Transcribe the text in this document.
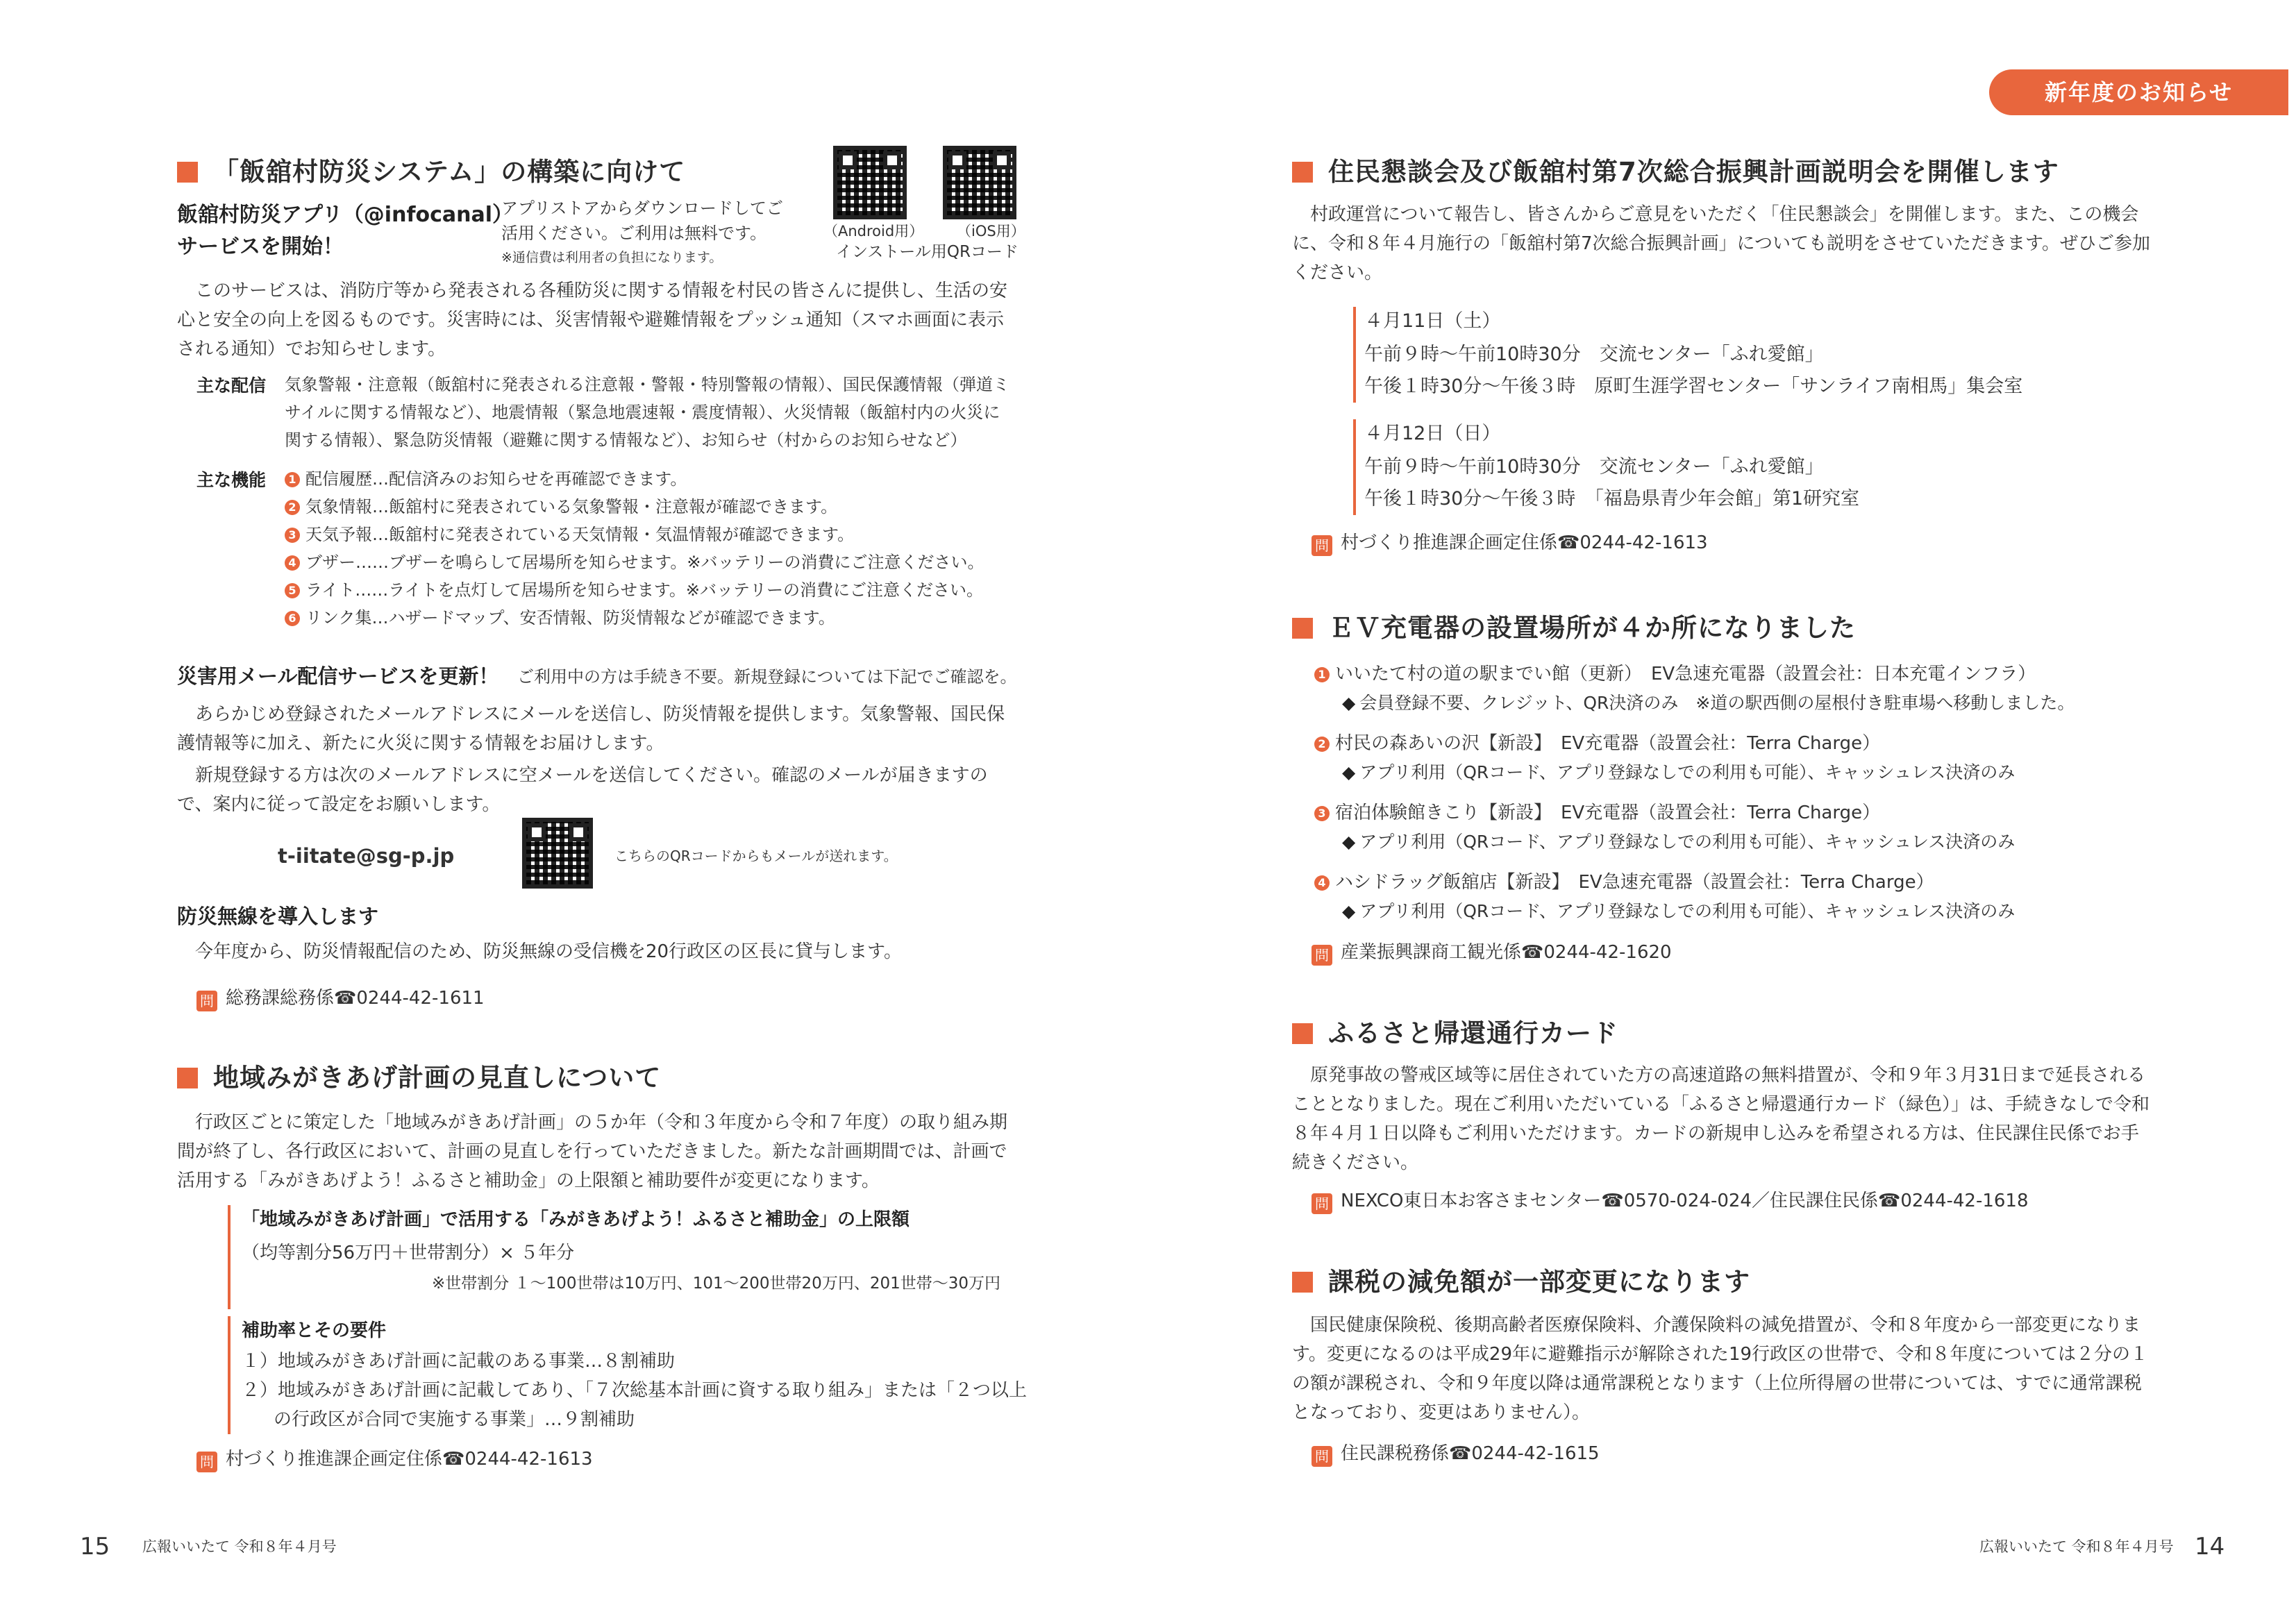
「飯舘村防災システム」の構築に向けて
飯舘村防災アプリ（@infocanal）
サービスを開始！
アプリストアからダウンロードしてご
活用ください。ご利用は無料です。
※通信費は利用者の負担になります。
（Android用） （iOS用）
インストール用QRコード
このサービスは、消防庁等から発表される各種防災に関する情報を村民の皆さんに提供し、生活の安心と安全の向上を図るものです。災害時には、災害情報や避難情報をプッシュ通知（スマホ画面に表示される通知）でお知らせします。
主な配信 気象警報・注意報（飯舘村に発表される注意報・警報・特別警報の情報）、国民保護情報（弾道ミサイルに関する情報など）、地震情報（緊急地震速報・震度情報）、火災情報（飯舘村内の火災に関する情報）、緊急防災情報（避難に関する情報など）、お知らせ（村からのお知らせなど）
主な機能	1 配信履歴…配信済みのお知らせを再確認できます。
2 気象情報…飯舘村に発表されている気象警報・注意報が確認できます。
3 天気予報…飯舘村に発表されている天気情報・気温情報が確認できます。
4 ブザー……ブザーを鳴らして居場所を知らせます。※バッテリーの消費にご注意ください。
5 ライト……ライトを点灯して居場所を知らせます。※バッテリーの消費にご注意ください。
6 リンク集…ハザードマップ、安否情報、防災情報などが確認できます。
災害用メール配信サービスを更新！ ご利用中の方は手続き不要。新規登録については下記でご確認を。
あらかじめ登録されたメールアドレスにメールを送信し、防災情報を提供します。気象警報、国民保護情報等に加え、新たに火災に関する情報をお届けします。
新規登録する方は次のメールアドレスに空メールを送信してください。確認のメールが届きますので、案内に従って設定をお願いします。
t-iitate@sg-p.jp	こちらのQRコードからもメールが送れます。
防災無線を導入します
今年度から、防災情報配信のため、防災無線の受信機を20行政区の区長に貸与します。
問 総務課総務係☎0244-42-1611
地域みがきあげ計画の見直しについて
行政区ごとに策定した「地域みがきあげ計画」の５か年（令和３年度から令和７年度）の取り組み期間が終了し、各行政区において、計画の見直しを行っていただきました。新たな計画期間では、計画で活用する「みがきあげよう！ふるさと補助金」の上限額と補助要件が変更になります。
「地域みがきあげ計画」で活用する「みがきあげよう！ふるさと補助金」の上限額
（均等割分56万円＋世帯割分）× ５年分
※世帯割分 １〜100世帯は10万円、101〜200世帯20万円、201世帯〜30万円
補助率とその要件
１）地域みがきあげ計画に記載のある事業…８割補助
２）地域みがきあげ計画に記載してあり、「７次総基本計画に資する取り組み」または「２つ以上の行政区が合同で実施する事業」…９割補助
問 村づくり推進課企画定住係☎0244-42-1613
15 広報いいたて 令和８年４月号
新年度のお知らせ
住民懇談会及び飯舘村第7次総合振興計画説明会を開催します
村政運営について報告し、皆さんからご意見をいただく「住民懇談会」を開催します。また、この機会に、令和８年４月施行の「飯舘村第7次総合振興計画」についても説明をさせていただきます。ぜひご参加ください。
４月11日（土）
午前９時〜午前10時30分　交流センター「ふれ愛館」
午後１時30分〜午後３時　原町生涯学習センター「サンライフ南相馬」集会室
４月12日（日）
午前９時〜午前10時30分　交流センター「ふれ愛館」
午後１時30分〜午後３時　「福島県青少年会館」第1研究室
問 村づくり推進課企画定住係☎0244-42-1613
ＥＶ充電器の設置場所が４か所になりました
1 いいたて村の道の駅までい館（更新）　EV急速充電器（設置会社：日本充電インフラ）
◆ 会員登録不要、クレジット、QR決済のみ　※道の駅西側の屋根付き駐車場へ移動しました。
2 村民の森あいの沢【新設】　EV充電器（設置会社：Terra Charge）
◆ アプリ利用（QRコード、アプリ登録なしでの利用も可能）、キャッシュレス決済のみ
3 宿泊体験館きこり【新設】　EV充電器（設置会社：Terra Charge）
◆ アプリ利用（QRコード、アプリ登録なしでの利用も可能）、キャッシュレス決済のみ
4 ハシドラッグ飯舘店【新設】　EV急速充電器（設置会社：Terra Charge）
◆ アプリ利用（QRコード、アプリ登録なしでの利用も可能）、キャッシュレス決済のみ
問 産業振興課商工観光係☎0244-42-1620
ふるさと帰還通行カード
原発事故の警戒区域等に居住されていた方の高速道路の無料措置が、令和９年３月31日まで延長されることとなりました。現在ご利用いただいている「ふるさと帰還通行カード（緑色）」は、手続きなしで令和８年４月１日以降もご利用いただけます。カードの新規申し込みを希望される方は、住民課住民係でお手続きください。
問 NEXCO東日本お客さまセンター☎0570-024-024／住民課住民係☎0244-42-1618
課税の減免額が一部変更になります
国民健康保険税、後期高齢者医療保険料、介護保険料の減免措置が、令和８年度から一部変更になります。変更になるのは平成29年に避難指示が解除された19行政区の世帯で、令和８年度については２分の１の額が課税され、令和９年度以降は通常課税となります（上位所得層の世帯については、すでに通常課税となっており、変更はありません）。
問 住民課税務係☎0244-42-1615
広報いいたて 令和８年４月号 14
